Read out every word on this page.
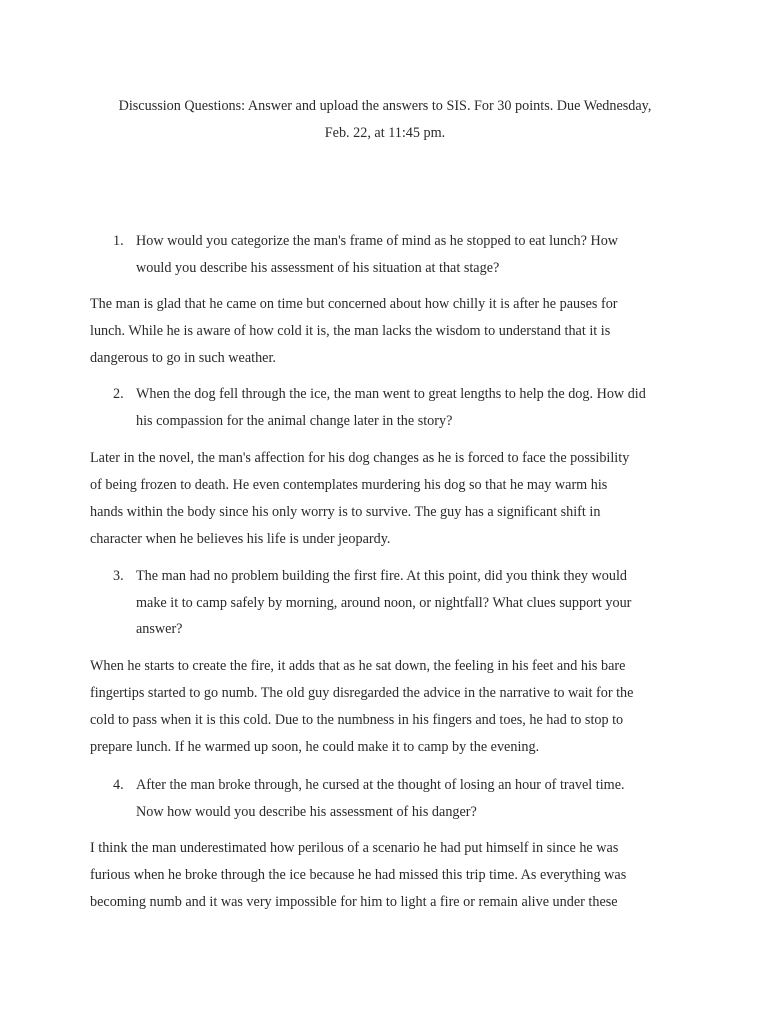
Discussion Questions: Answer and upload the answers to SIS. For 30 points. Due Wednesday,
Feb. 22, at 11:45 pm.
1. How would you categorize the man's frame of mind as he stopped to eat lunch? How
would you describe his assessment of his situation at that stage?
The man is glad that he came on time but concerned about how chilly it is after he pauses for
lunch. While he is aware of how cold it is, the man lacks the wisdom to understand that it is
dangerous to go in such weather.
2. When the dog fell through the ice, the man went to great lengths to help the dog. How did
his compassion for the animal change later in the story?
Later in the novel, the man's affection for his dog changes as he is forced to face the possibility
of being frozen to death. He even contemplates murdering his dog so that he may warm his
hands within the body since his only worry is to survive. The guy has a significant shift in
character when he believes his life is under jeopardy.
3. The man had no problem building the first fire. At this point, did you think they would
make it to camp safely by morning, around noon, or nightfall? What clues support your
answer?
When he starts to create the fire, it adds that as he sat down, the feeling in his feet and his bare
fingertips started to go numb. The old guy disregarded the advice in the narrative to wait for the
cold to pass when it is this cold. Due to the numbness in his fingers and toes, he had to stop to
prepare lunch. If he warmed up soon, he could make it to camp by the evening.
4. After the man broke through, he cursed at the thought of losing an hour of travel time.
Now how would you describe his assessment of his danger?
I think the man underestimated how perilous of a scenario he had put himself in since he was
furious when he broke through the ice because he had missed this trip time. As everything was
becoming numb and it was very impossible for him to light a fire or remain alive under these
